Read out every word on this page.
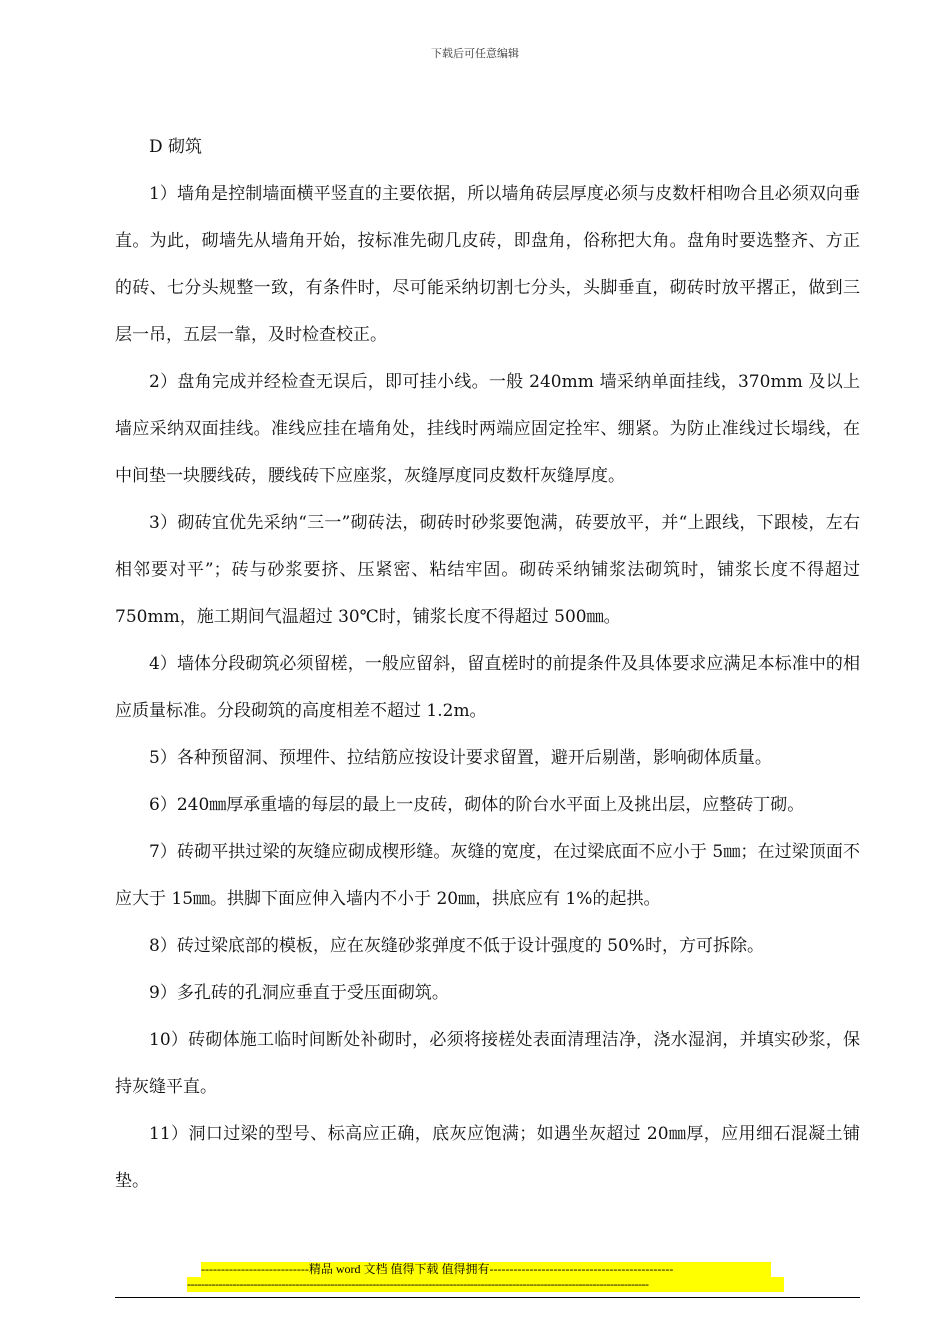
下载后可任意编辑

D 砌筑

1）墙角是控制墙面横平竖直的主要依据，所以墙角砖层厚度必须与皮数杆相吻合且必须双向垂直。为此，砌墙先从墙角开始，按标准先砌几皮砖，即盘角，俗称把大角。盘角时要选整齐、方正的砖、七分头规整一致，有条件时，尽可能采纳切割七分头，头脚垂直，砌砖时放平撂正，做到三层一吊，五层一靠，及时检查校正。

2）盘角完成并经检查无误后，即可挂小线。一般 240mm 墙采纳单面挂线，370mm 及以上墙应采纳双面挂线。准线应挂在墙角处，挂线时两端应固定拴牢、绷紧。为防止准线过长塌线，在中间垫一块腰线砖，腰线砖下应座浆，灰缝厚度同皮数杆灰缝厚度。

3）砌砖宜优先采纳“三一”砌砖法，砌砖时砂浆要饱满，砖要放平，并“上跟线，下跟棱，左右相邻要对平”；砖与砂浆要挤、压紧密、粘结牢固。砌砖采纳铺浆法砌筑时，铺浆长度不得超过 750mm，施工期间气温超过 30℃时，铺浆长度不得超过 500㎜。

4）墙体分段砌筑必须留槎，一般应留斜，留直槎时的前提条件及具体要求应满足本标准中的相应质量标准。分段砌筑的高度相差不超过 1.2m。

5）各种预留洞、预埋件、拉结筋应按设计要求留置，避开后剔凿，影响砌体质量。

6）240㎜厚承重墙的每层的最上一皮砖，砌体的阶台水平面上及挑出层，应整砖丁砌。

7）砖砌平拱过梁的灰缝应砌成楔形缝。灰缝的宽度，在过梁底面不应小于 5㎜；在过梁顶面不应大于 15㎜。拱脚下面应伸入墙内不小于 20㎜，拱底应有 1%的起拱。

8）砖过梁底部的模板，应在灰缝砂浆弹度不低于设计强度的 50%时，方可拆除。

9）多孔砖的孔洞应垂直于受压面砌筑。

10）砖砌体施工临时间断处补砌时，必须将接槎处表面清理洁净，浇水湿润，并填实砂浆，保持灰缝平直。

11）洞口过梁的型号、标高应正确，底灰应饱满；如遇坐灰超过 20㎜厚，应用细石混凝土铺垫。

---------------------------精品 word 文档 值得下载 值得拥有----------------------------------------------
------------------------------------------------------------------------------------------------------------------------------------
